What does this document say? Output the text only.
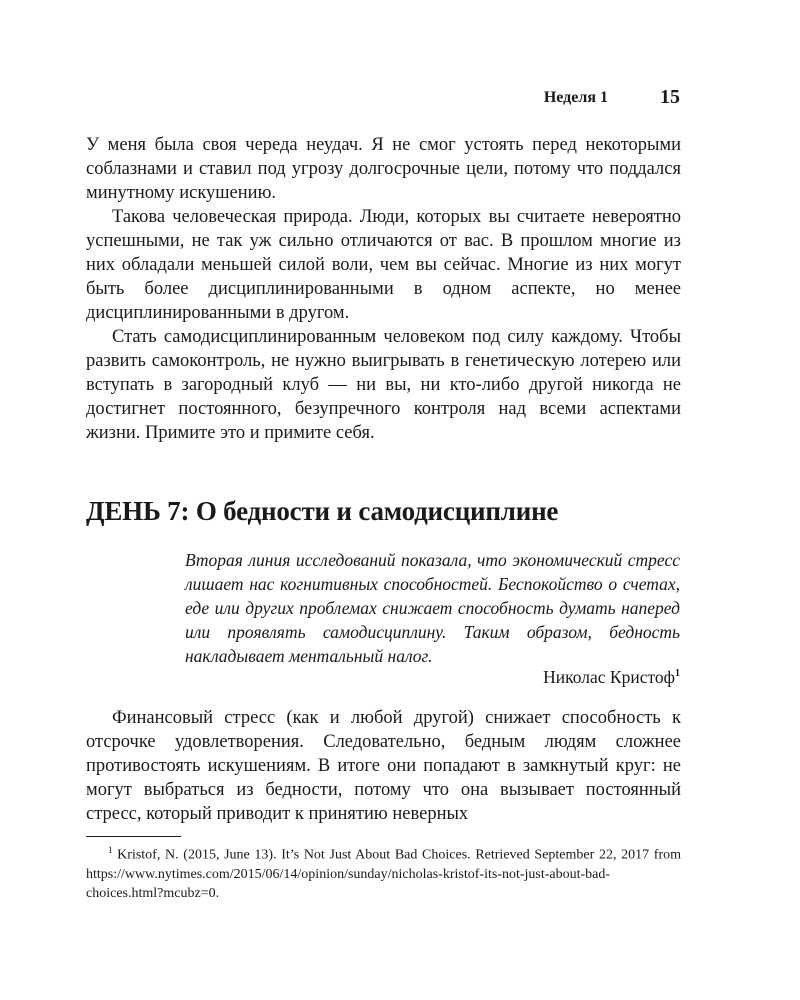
Неделя 1	15

У меня была своя череда неудач. Я не смог устоять перед некоторыми соблазнами и ставил под угрозу долгосрочные цели, потому что поддался минутному искушению.

Такова человеческая природа. Люди, которых вы считаете невероятно успешными, не так уж сильно отличаются от вас. В прошлом многие из них обладали меньшей силой воли, чем вы сейчас. Многие из них могут быть более дисциплинированными в одном аспекте, но менее дисциплинированными в другом.

Стать самодисциплинированным человеком под силу каждому. Чтобы развить самоконтроль, не нужно выигрывать в генетическую лотерею или вступать в загородный клуб — ни вы, ни кто-либо другой никогда не достигнет постоянного, безупречного контроля над всеми аспектами жизни. Примите это и примите себя.

ДЕНЬ 7: О бедности и самодисциплине
Вторая линия исследований показала, что экономический стресс лишает нас когнитивных способностей. Беспокойство о счетах, еде или других проблемах снижает способность думать наперед или проявлять самодисциплину. Таким образом, бедность накладывает ментальный налог.
Николас Кристоф$^1$

Финансовый стресс (как и любой другой) снижает способность к отсрочке удовлетворения. Следовательно, бедным людям сложнее противостоять искушениям. В итоге они попадают в замкнутый круг: не могут выбраться из бедности, потому что она вызывает постоянный стресс, который приводит к принятию неверных

$^1$ Kristof, N. (2015, June 13). It’s Not Just About Bad Choices. Retrieved September 22, 2017 from https://www.nytimes.com/2015/06/14/opinion/sunday/nicholas-kristof-its-not-just-about-bad-choices.html?mcubz=0.
